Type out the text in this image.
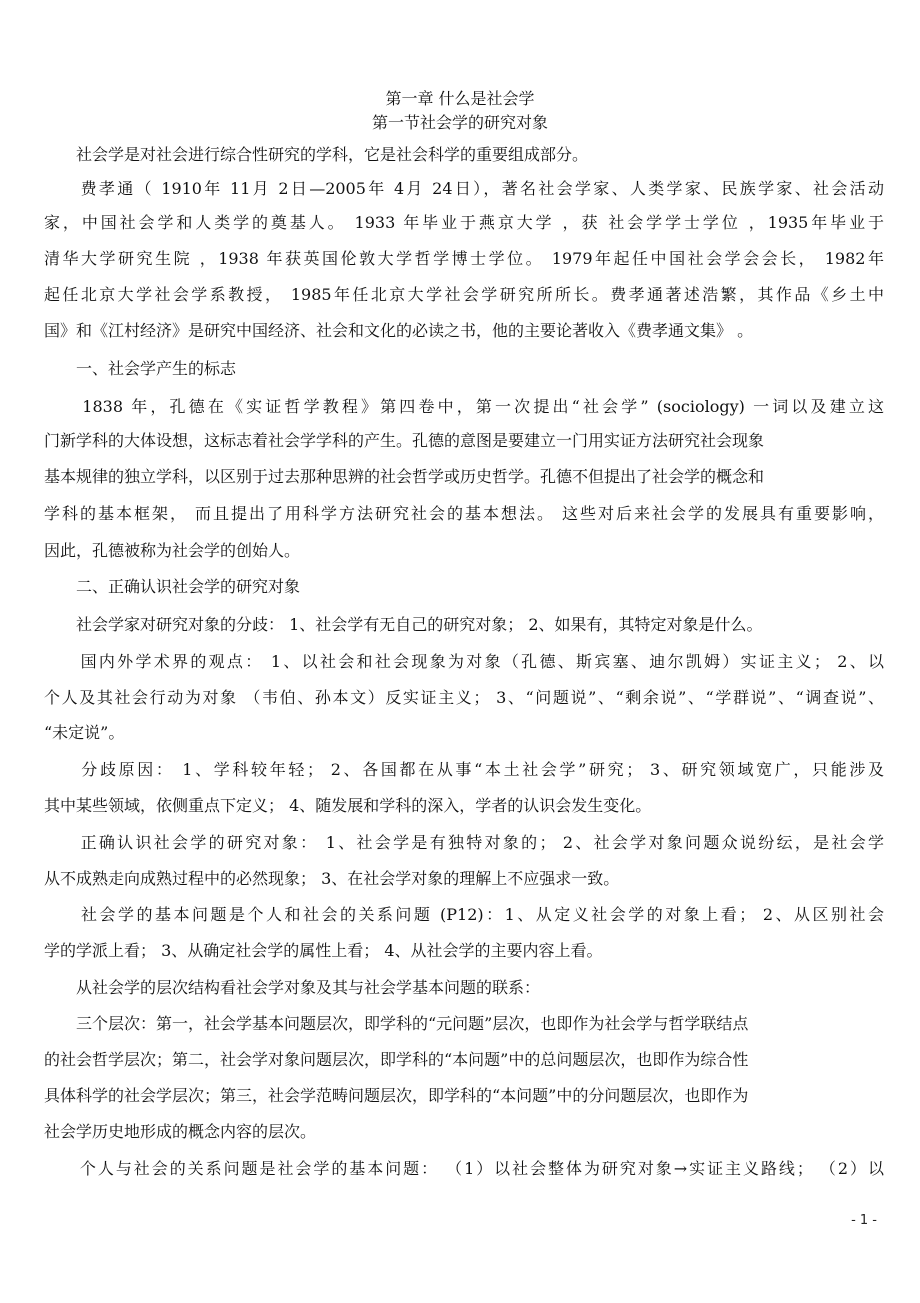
第一章 什么是社会学
第一节社会学的研究对象
　　社会学是对社会进行综合性研究的学科，它是社会科学的重要组成部分。
　　费孝通（ 1910年 11月 2日—2005年 4月 24日），著名社会学家、人类学家、民族学家、社会活动
家，中国社会学和人类学的奠基人。 1933 年毕业于燕京大学 ，获 社会学学士学位 ，1935年毕业于
清华大学研究生院 ，1938 年获英国伦敦大学哲学博士学位。 1979年起任中国社会学会会长， 1982年
起任北京大学社会学系教授， 1985年任北京大学社会学研究所所长。费孝通著述浩繁，其作品《乡土中
国》和《江村经济》是研究中国经济、社会和文化的必读之书，他的主要论著收入《费孝通文集》 。
　　一、社会学产生的标志
　　1838 年，孔德在《实证哲学教程》第四卷中，第一次提出“社会学” (sociology) 一词以及建立这
门新学科的大体设想，这标志着社会学学科的产生。孔德的意图是要建立一门用实证方法研究社会现象
基本规律的独立学科，以区别于过去那种思辨的社会哲学或历史哲学。孔德不但提出了社会学的概念和
学科的基本框架， 而且提出了用科学方法研究社会的基本想法。 这些对后来社会学的发展具有重要影响，
因此，孔德被称为社会学的创始人。
　　二、正确认识社会学的研究对象
　　社会学家对研究对象的分歧： 1、社会学有无自己的研究对象； 2、如果有，其特定对象是什么。
　　国内外学术界的观点： 1、以社会和社会现象为对象（孔德、斯宾塞、迪尔凯姆）实证主义； 2、以
个人及其社会行动为对象 （韦伯、孙本文）反实证主义； 3、“问题说”、“剩余说”、“学群说”、“调查说”、
“未定说”。
　　分歧原因： 1、学科较年轻； 2、各国都在从事“本土社会学”研究； 3、研究领域宽广，只能涉及
其中某些领域，依侧重点下定义； 4、随发展和学科的深入，学者的认识会发生变化。
　　正确认识社会学的研究对象： 1、社会学是有独特对象的； 2、社会学对象问题众说纷纭，是社会学
从不成熟走向成熟过程中的必然现象； 3、在社会学对象的理解上不应强求一致。
　　社会学的基本问题是个人和社会的关系问题 (P12)：1、从定义社会学的对象上看； 2、从区别社会
学的学派上看； 3、从确定社会学的属性上看； 4、从社会学的主要内容上看。
　　从社会学的层次结构看社会学对象及其与社会学基本问题的联系：
　　三个层次：第一，社会学基本问题层次，即学科的“元问题”层次，也即作为社会学与哲学联结点
的社会哲学层次；第二，社会学对象问题层次，即学科的“本问题”中的总问题层次，也即作为综合性
具体科学的社会学层次；第三，社会学范畴问题层次，即学科的“本问题”中的分问题层次，也即作为
社会学历史地形成的概念内容的层次。
　　个人与社会的关系问题是社会学的基本问题： （1）以社会整体为研究对象→实证主义路线； （2）以
- 1 -
